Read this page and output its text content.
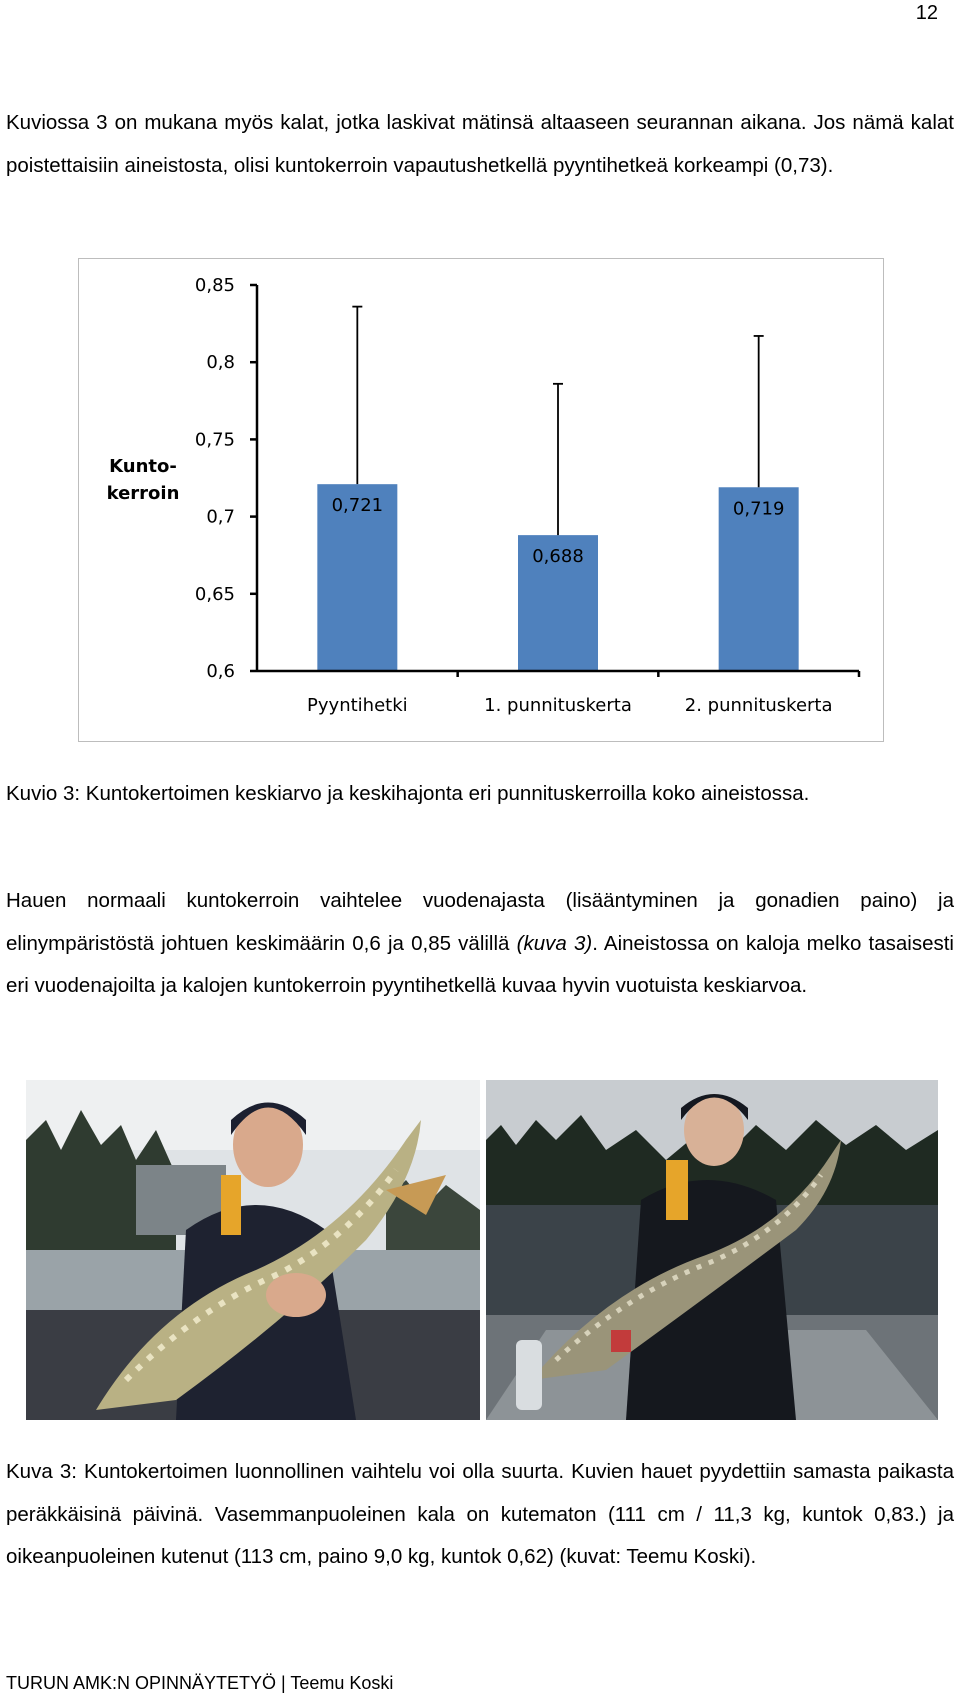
12

Kuviossa 3 on mukana myös kalat, jotka laskivat mätinsä altaaseen seurannan aikana. Jos nämä kalat poistettaisiin aineistosta, olisi kuntokerroin vapautushetkellä pyyntihetkeä korkeampi (0,73).

0,85
0,8
0,75
0,7
0,65
0,6
0,721
Pyyntihetki
0,688
1. punnituskerta
0,719
2. punnituskerta
Kunto-
kerroin

Kuvio 3: Kuntokertoimen keskiarvo ja keskihajonta eri punnituskerroilla koko aineistossa.

Hauen normaali kuntokerroin vaihtelee vuodenajasta (lisääntyminen ja gonadien paino) ja elinympäristöstä johtuen keskimäärin 0,6 ja 0,85 välillä (kuva 3). Aineistossa on kaloja melko tasaisesti eri vuodenajoilta ja kalojen kuntokerroin pyyntihetkellä kuvaa hyvin vuotuista keskiarvoa.

Kuva 3: Kuntokertoimen luonnollinen vaihtelu voi olla suurta. Kuvien hauet pyydettiin samasta paikasta peräkkäisinä päivinä. Vasemmanpuoleinen kala on kutematon (111 cm / 11,3 kg, kuntok 0,83.) ja oikeanpuoleinen kutenut (113 cm, paino 9,0 kg, kuntok 0,62) (kuvat: Teemu Koski).

TURUN AMK:N OPINNÄYTETYÖ | Teemu Koski
